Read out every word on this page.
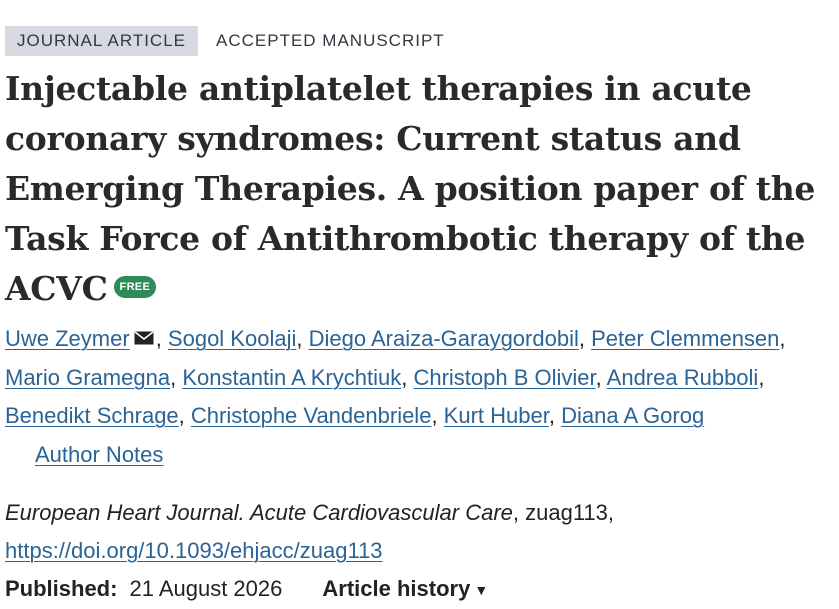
JOURNAL ARTICLE	ACCEPTED MANUSCRIPT
Injectable antiplatelet therapies in acute coronary syndromes: Current status and Emerging Therapies. A position paper of the Task Force of Antithrombotic therapy of the ACVC FREE
Uwe Zeymer , Sogol Koolaji, Diego Araiza-Garaygordobil, Peter Clemmensen, Mario Gramegna, Konstantin A Krychtiuk, Christoph B Olivier, Andrea Rubboli, Benedikt Schrage, Christophe Vandenbriele, Kurt Huber, Diana A Gorog
Author Notes
European Heart Journal. Acute Cardiovascular Care, zuag113,
https://doi.org/10.1093/ehjacc/zuag113
Published: 21 August 2026 Article history ▼
